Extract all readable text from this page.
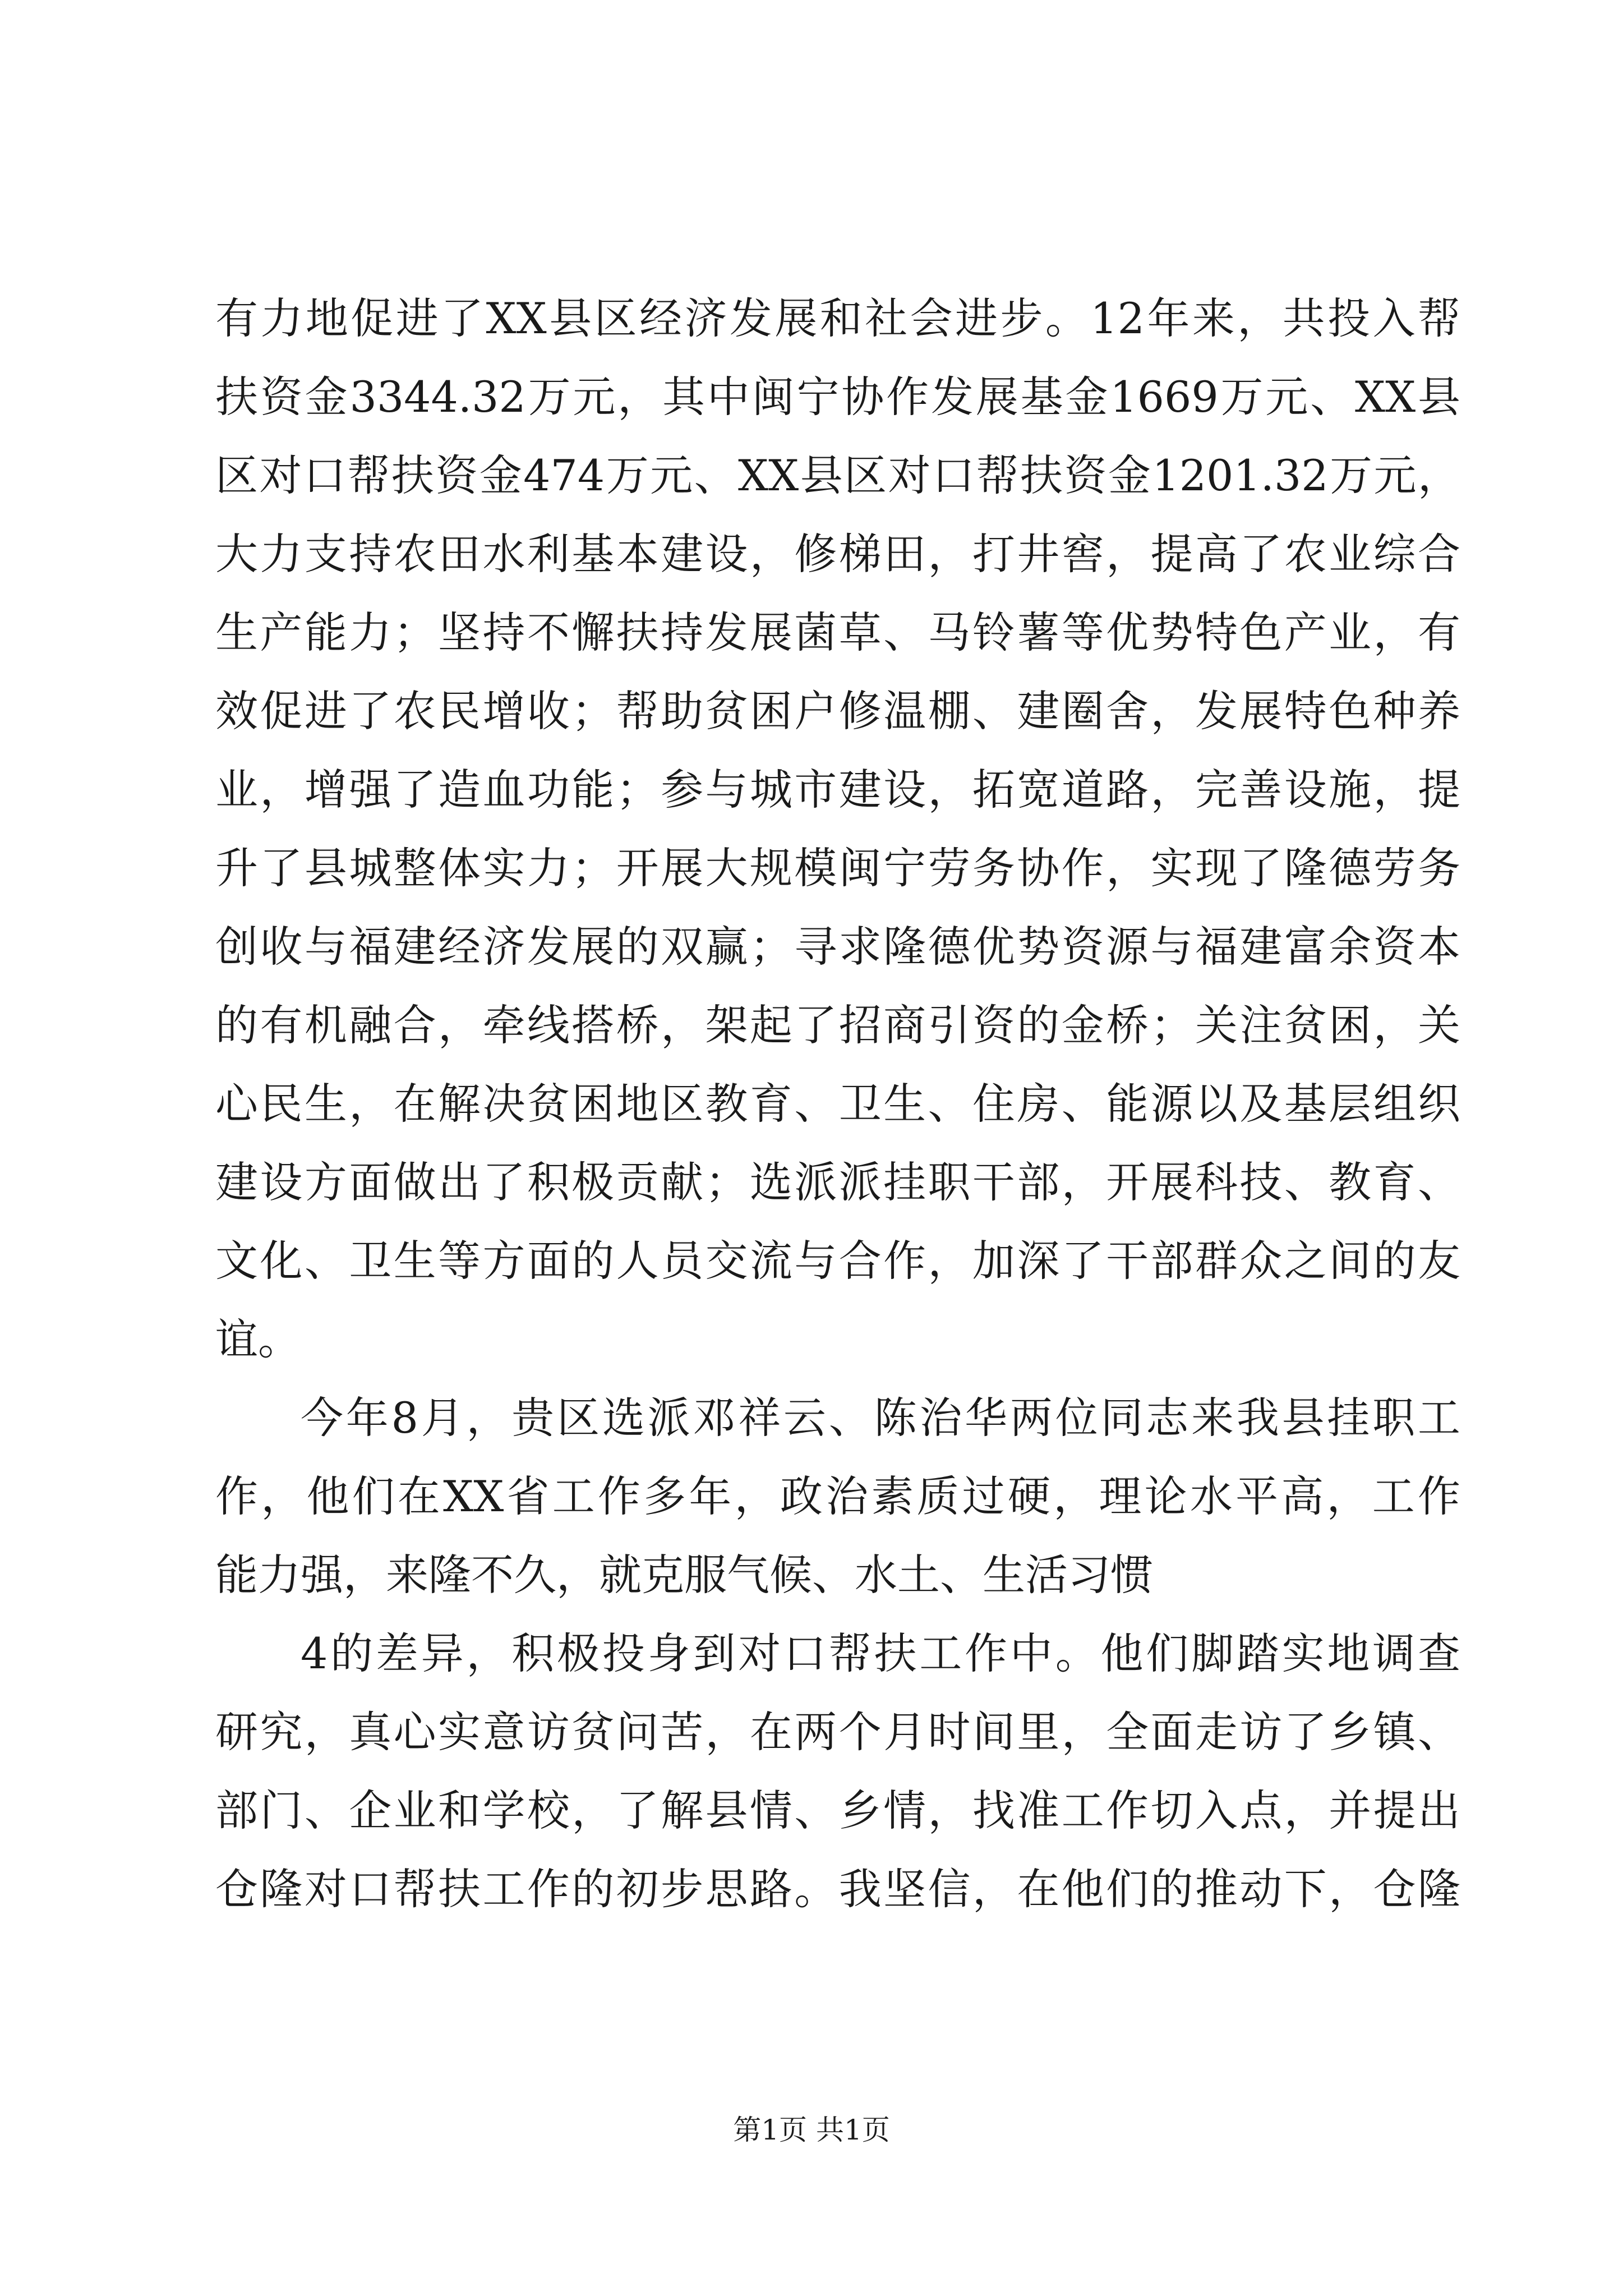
有力地促进了XX县区经济发展和社会进步。12年来，共投入帮
扶资金3344.32万元，其中闽宁协作发展基金1669万元、XX县
区对口帮扶资金474万元、XX县区对口帮扶资金1201.32万元，
大力支持农田水利基本建设，修梯田，打井窖，提高了农业综合
生产能力；坚持不懈扶持发展菌草、马铃薯等优势特色产业，有
效促进了农民增收；帮助贫困户修温棚、建圈舍，发展特色种养
业，增强了造血功能；参与城市建设，拓宽道路，完善设施，提
升了县城整体实力；开展大规模闽宁劳务协作，实现了隆德劳务
创收与福建经济发展的双赢；寻求隆德优势资源与福建富余资本
的有机融合，牵线搭桥，架起了招商引资的金桥；关注贫困，关
心民生，在解决贫困地区教育、卫生、住房、能源以及基层组织
建设方面做出了积极贡献；选派派挂职干部，开展科技、教育、
文化、卫生等方面的人员交流与合作，加深了干部群众之间的友
谊。
今年8月，贵区选派邓祥云、陈治华两位同志来我县挂职工
作，他们在XX省工作多年，政治素质过硬，理论水平高，工作
能力强，来隆不久，就克服气候、水土、生活习惯
4的差异，积极投身到对口帮扶工作中。他们脚踏实地调查
研究，真心实意访贫问苦，在两个月时间里，全面走访了乡镇、
部门、企业和学校，了解县情、乡情，找准工作切入点，并提出
仓隆对口帮扶工作的初步思路。我坚信，在他们的推动下，仓隆
第1页 共1页
